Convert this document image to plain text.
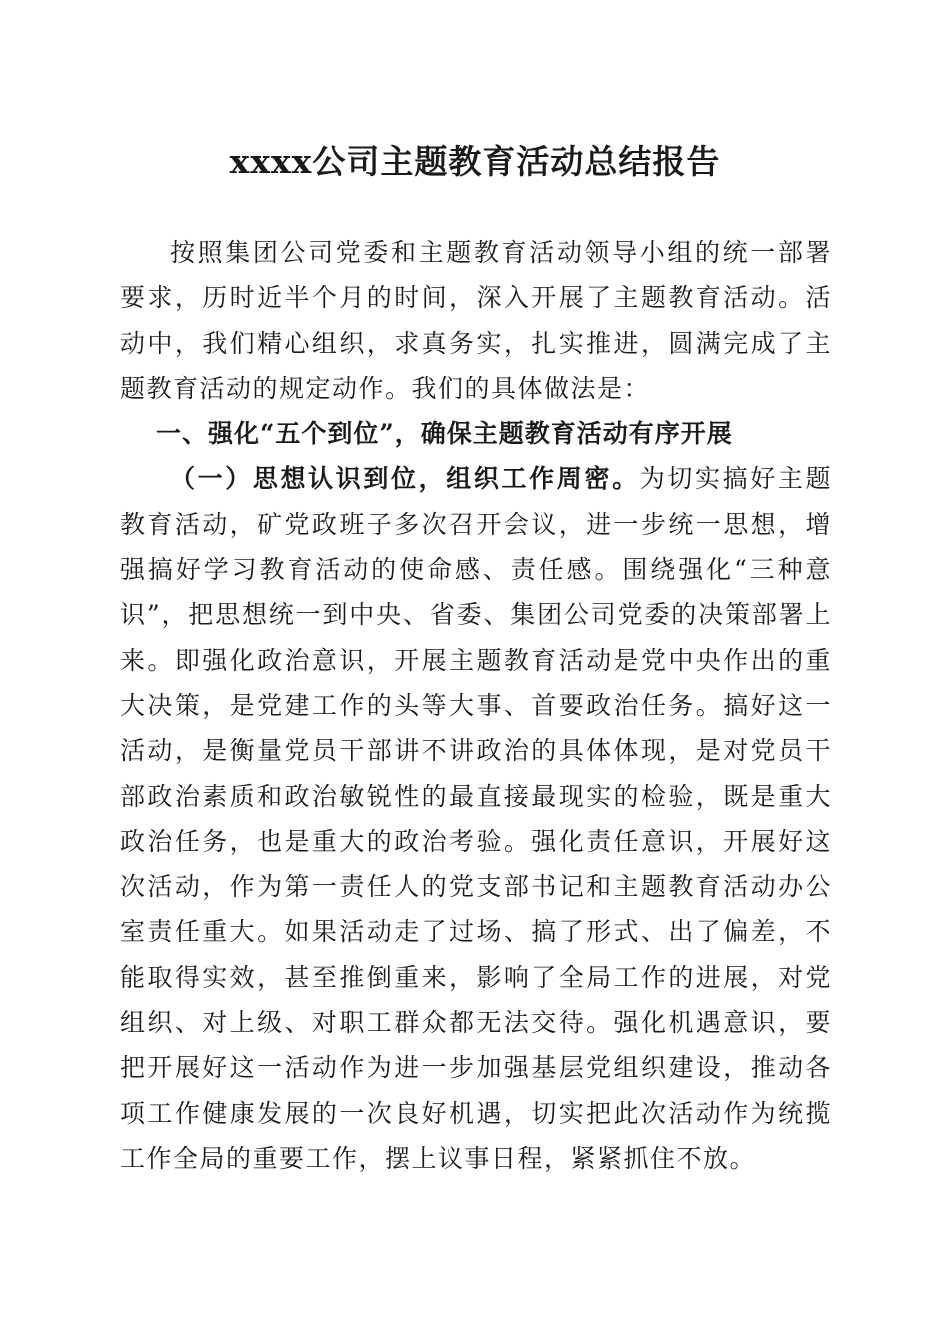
xxxx公司主题教育活动总结报告

按照集团公司党委和主题教育活动领导小组的统一部署要求，历时近半个月的时间，深入开展了主题教育活动。活动中，我们精心组织，求真务实，扎实推进，圆满完成了主题教育活动的规定动作。我们的具体做法是：

一、强化“五个到位”，确保主题教育活动有序开展

（一）思想认识到位，组织工作周密。为切实搞好主题教育活动，矿党政班子多次召开会议，进一步统一思想，增强搞好学习教育活动的使命感、责任感。围绕强化“三种意识”，把思想统一到中央、省委、集团公司党委的决策部署上来。即强化政治意识，开展主题教育活动是党中央作出的重大决策，是党建工作的头等大事、首要政治任务。搞好这一活动，是衡量党员干部讲不讲政治的具体体现，是对党员干部政治素质和政治敏锐性的最直接最现实的检验，既是重大政治任务，也是重大的政治考验。强化责任意识，开展好这次活动，作为第一责任人的党支部书记和主题教育活动办公室责任重大。如果活动走了过场、搞了形式、出了偏差，不能取得实效，甚至推倒重来，影响了全局工作的进展，对党组织、对上级、对职工群众都无法交待。强化机遇意识，要把开展好这一活动作为进一步加强基层党组织建设，推动各项工作健康发展的一次良好机遇，切实把此次活动作为统揽工作全局的重要工作，摆上议事日程，紧紧抓住不放。
